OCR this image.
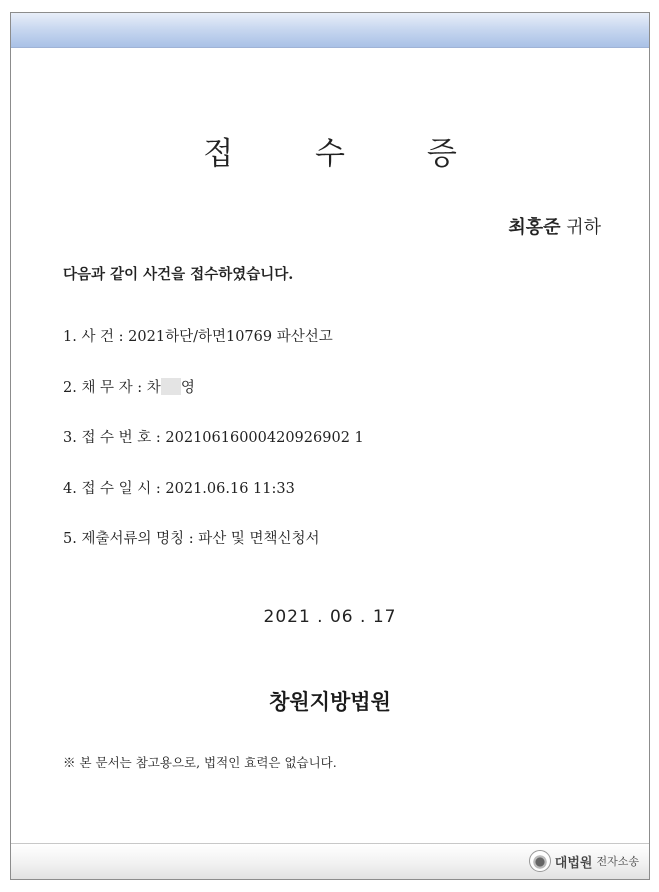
접 수 증
최홍준 귀하
다음과 같이 사건을 접수하였습니다.
1. 사 건 : 2021하단/하면10769 파산선고
2. 채 무 자 : 차 영
3. 접 수 번 호 : 20210616000420926902 1
4. 접 수 일 시 : 2021.06.16 11:33
5. 제출서류의 명칭 : 파산 및 면책신청서
2021 . 06 . 17
창원지방법원
※ 본 문서는 참고용으로, 법적인 효력은 없습니다.
대법원 전자소송
